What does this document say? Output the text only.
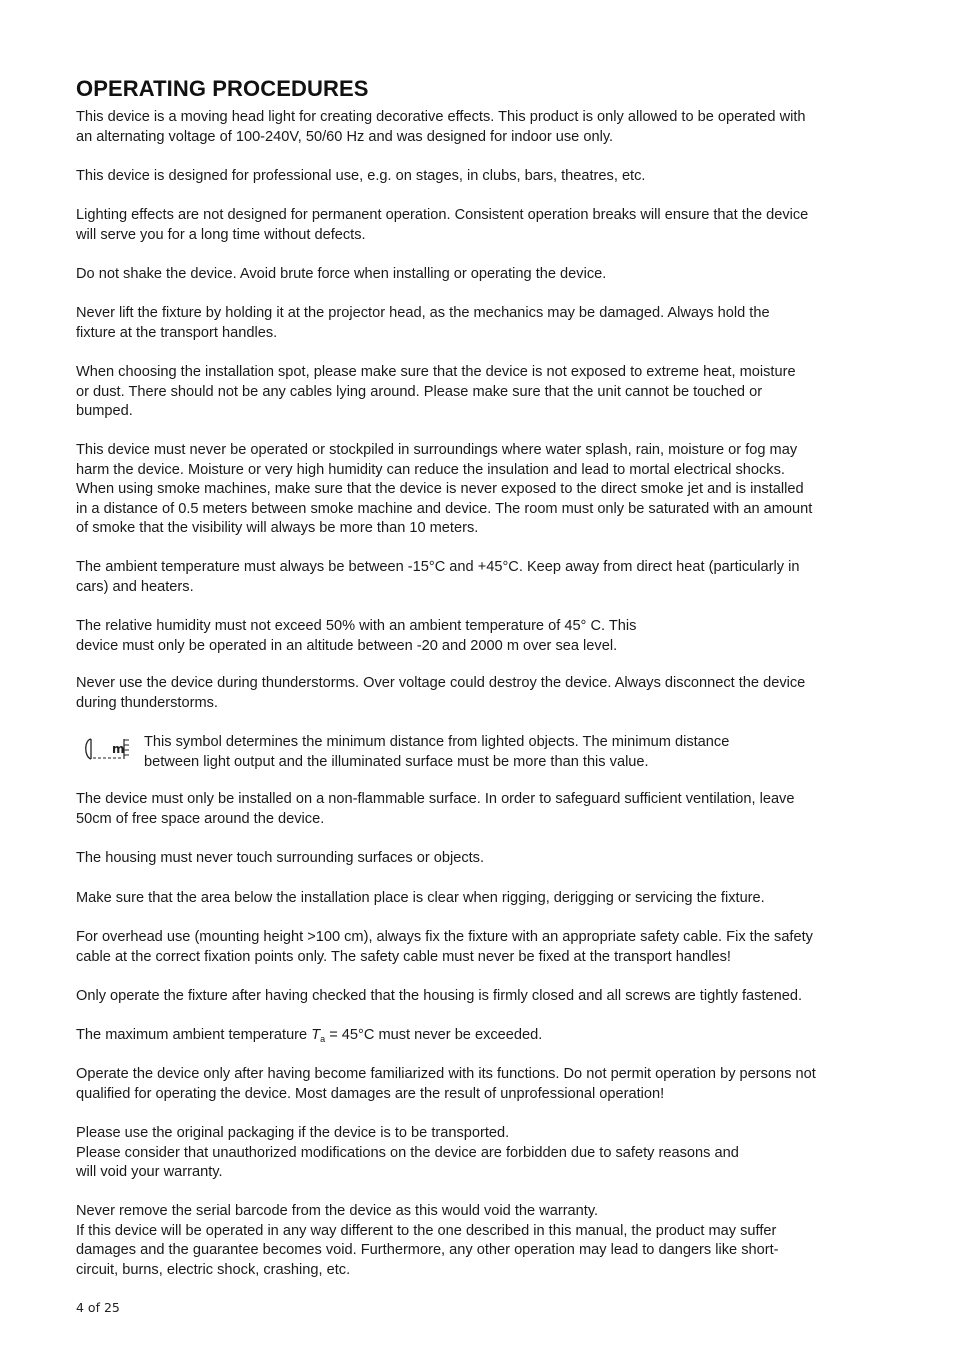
OPERATING PROCEDURES

This device is a moving head light for creating decorative effects. This product is only allowed to be operated with
an alternating voltage of 100-240V, 50/60 Hz and was designed for indoor use only.

This device is designed for professional use, e.g. on stages, in clubs, bars, theatres, etc.

Lighting effects are not designed for permanent operation. Consistent operation breaks will ensure that the device
will serve you for a long time without defects.

Do not shake the device. Avoid brute force when installing or operating the device.

Never lift the fixture by holding it at the projector head, as the mechanics may be damaged. Always hold the
fixture at the transport handles.

When choosing the installation spot, please make sure that the device is not exposed to extreme heat, moisture
or dust. There should not be any cables lying around. Please make sure that the unit cannot be touched or
bumped.

This device must never be operated or stockpiled in surroundings where water splash, rain, moisture or fog may
harm the device. Moisture or very high humidity can reduce the insulation and lead to mortal electrical shocks.
When using smoke machines, make sure that the device is never exposed to the direct smoke jet and is installed
in a distance of 0.5 meters between smoke machine and device. The room must only be saturated with an amount
of smoke that the visibility will always be more than 10 meters.

The ambient temperature must always be between -15°C and +45°C. Keep away from direct heat (particularly in
cars) and heaters.

The relative humidity must not exceed 50% with an ambient temperature of 45° C. This
device must only be operated in an altitude between -20 and 2000 m over sea level.

Never use the device during thunderstorms. Over voltage could destroy the device. Always disconnect the device
during thunderstorms.

m This symbol determines the minimum distance from lighted objects. The minimum distance
between light output and the illuminated surface must be more than this value.

The device must only be installed on a non-flammable surface. In order to safeguard sufficient ventilation, leave
50cm of free space around the device.

The housing must never touch surrounding surfaces or objects.

Make sure that the area below the installation place is clear when rigging, derigging or servicing the fixture.

For overhead use (mounting height >100 cm), always fix the fixture with an appropriate safety cable. Fix the safety
cable at the correct fixation points only. The safety cable must never be fixed at the transport handles!

Only operate the fixture after having checked that the housing is firmly closed and all screws are tightly fastened.

The maximum ambient temperature $T_a = 45^\circ C$ must never be exceeded.

Operate the device only after having become familiarized with its functions. Do not permit operation by persons not
qualified for operating the device. Most damages are the result of unprofessional operation!

Please use the original packaging if the device is to be transported.
Please consider that unauthorized modifications on the device are forbidden due to safety reasons and
will void your warranty.

Never remove the serial barcode from the device as this would void the warranty.
If this device will be operated in any way different to the one described in this manual, the product may suffer
damages and the guarantee becomes void. Furthermore, any other operation may lead to dangers like short-
circuit, burns, electric shock, crashing, etc.

4 of 25
